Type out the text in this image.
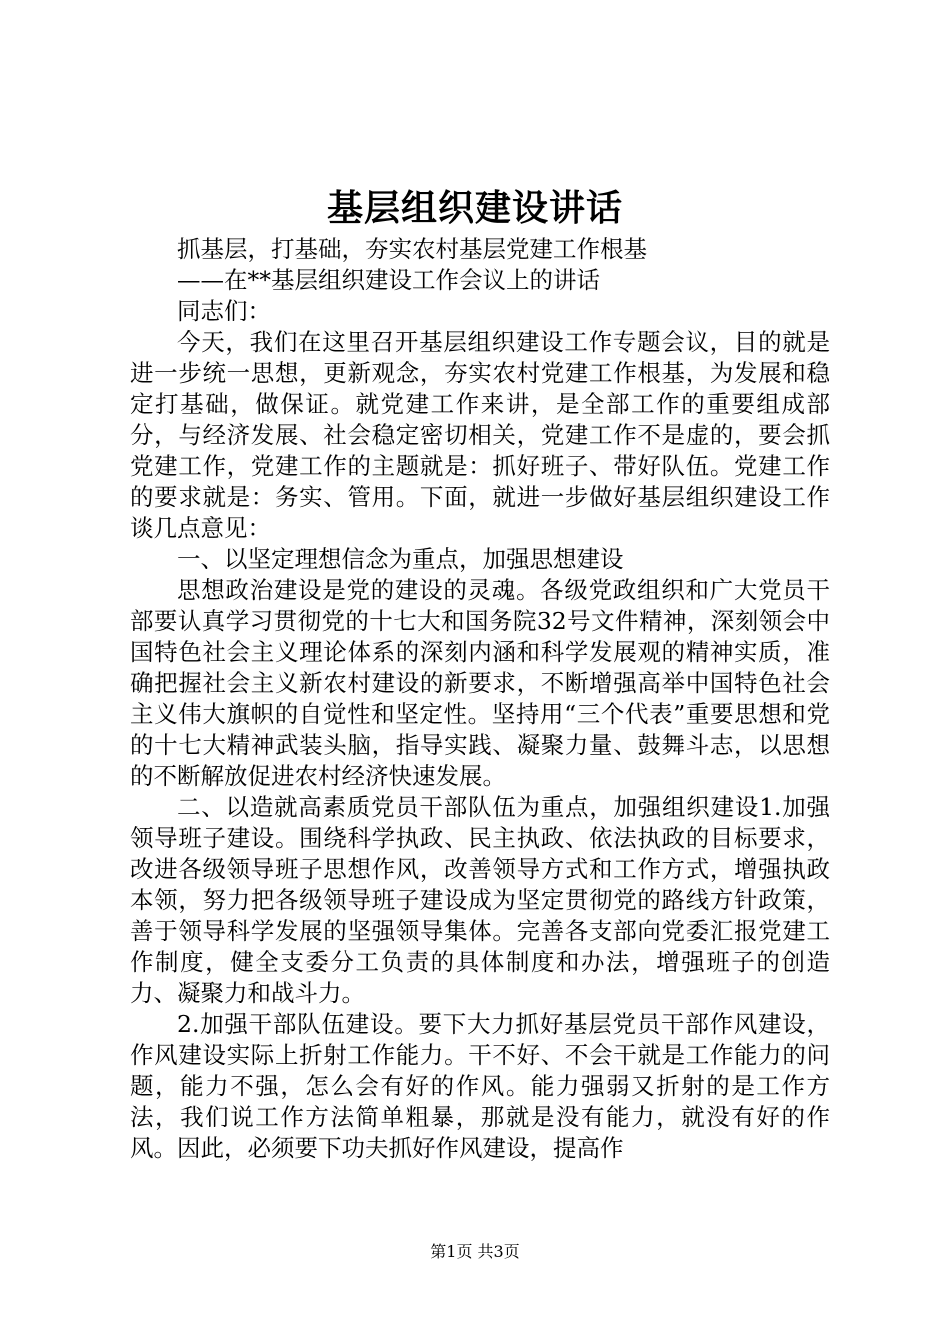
基层组织建设讲话

抓基层，打基础，夯实农村基层党建工作根基

——在**基层组织建设工作会议上的讲话

同志们：

今天，我们在这里召开基层组织建设工作专题会议，目的就是进一步统一思想，更新观念，夯实农村党建工作根基，为发展和稳定打基础，做保证。就党建工作来讲，是全部工作的重要组成部分，与经济发展、社会稳定密切相关，党建工作不是虚的，要会抓党建工作，党建工作的主题就是：抓好班子、带好队伍。党建工作的要求就是：务实、管用。下面，就进一步做好基层组织建设工作谈几点意见：

一、以坚定理想信念为重点，加强思想建设

思想政治建设是党的建设的灵魂。各级党政组织和广大党员干部要认真学习贯彻党的十七大和国务院32号文件精神，深刻领会中国特色社会主义理论体系的深刻内涵和科学发展观的精神实质，准确把握社会主义新农村建设的新要求，不断增强高举中国特色社会主义伟大旗帜的自觉性和坚定性。坚持用“三个代表”重要思想和党的十七大精神武装头脑，指导实践、凝聚力量、鼓舞斗志，以思想的不断解放促进农村经济快速发展。

二、以造就高素质党员干部队伍为重点，加强组织建设1.加强领导班子建设。围绕科学执政、民主执政、依法执政的目标要求，改进各级领导班子思想作风，改善领导方式和工作方式，增强执政本领，努力把各级领导班子建设成为坚定贯彻党的路线方针政策，善于领导科学发展的坚强领导集体。完善各支部向党委汇报党建工作制度，健全支委分工负责的具体制度和办法，增强班子的创造力、凝聚力和战斗力。

2.加强干部队伍建设。要下大力抓好基层党员干部作风建设，作风建设实际上折射工作能力。干不好、不会干就是工作能力的问题，能力不强，怎么会有好的作风。能力强弱又折射的是工作方法，我们说工作方法简单粗暴，那就是没有能力，就没有好的作风。因此，必须要下功夫抓好作风建设，提高作

第1页 共3页
